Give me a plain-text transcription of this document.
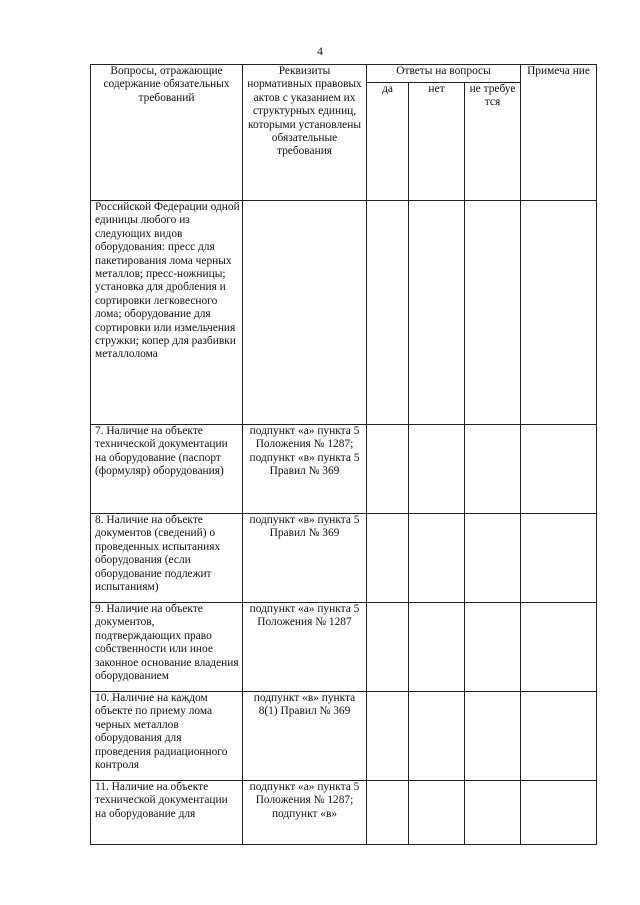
4
Вопросы, отражающие содержание обязательных требований	Реквизиты нормативных правовых актов с указанием их структурных единиц, которыми установлены обязательные требования	Ответы на вопросы			Примеча ние
		да	нет	не требуе тся	
Российской Федерации одной единицы любого из следующих видов оборудования: пресс для пакетирования лома черных металлов; пресс-ножницы; установка для дробления и сортировки легковесного лома; оборудование для сортировки или измельчения стружки; копер для разбивки металлолома					
7. Наличие на объекте технической документации на оборудование (паспорт (формуляр) оборудования)	подпункт «а» пункта 5 Положения № 1287; подпункт «в» пункта 5 Правил № 369				
8. Наличие на объекте документов (сведений) о проведенных испытаниях оборудования (если оборудование подлежит испытаниям)	подпункт «в» пункта 5 Правил № 369				
9. Наличие на объекте документов, подтверждающих право собственности или иное законное основание владения оборудованием	подпункт «а» пункта 5 Положения № 1287				
10. Наличие на каждом объекте по приему лома черных металлов оборудования для проведения радиационного контроля	подпункт «в» пункта 8(1) Правил № 369				
11. Наличие на объекте технической документации на оборудование для	подпункт «а» пункта 5 Положения № 1287; подпункт «в»				
